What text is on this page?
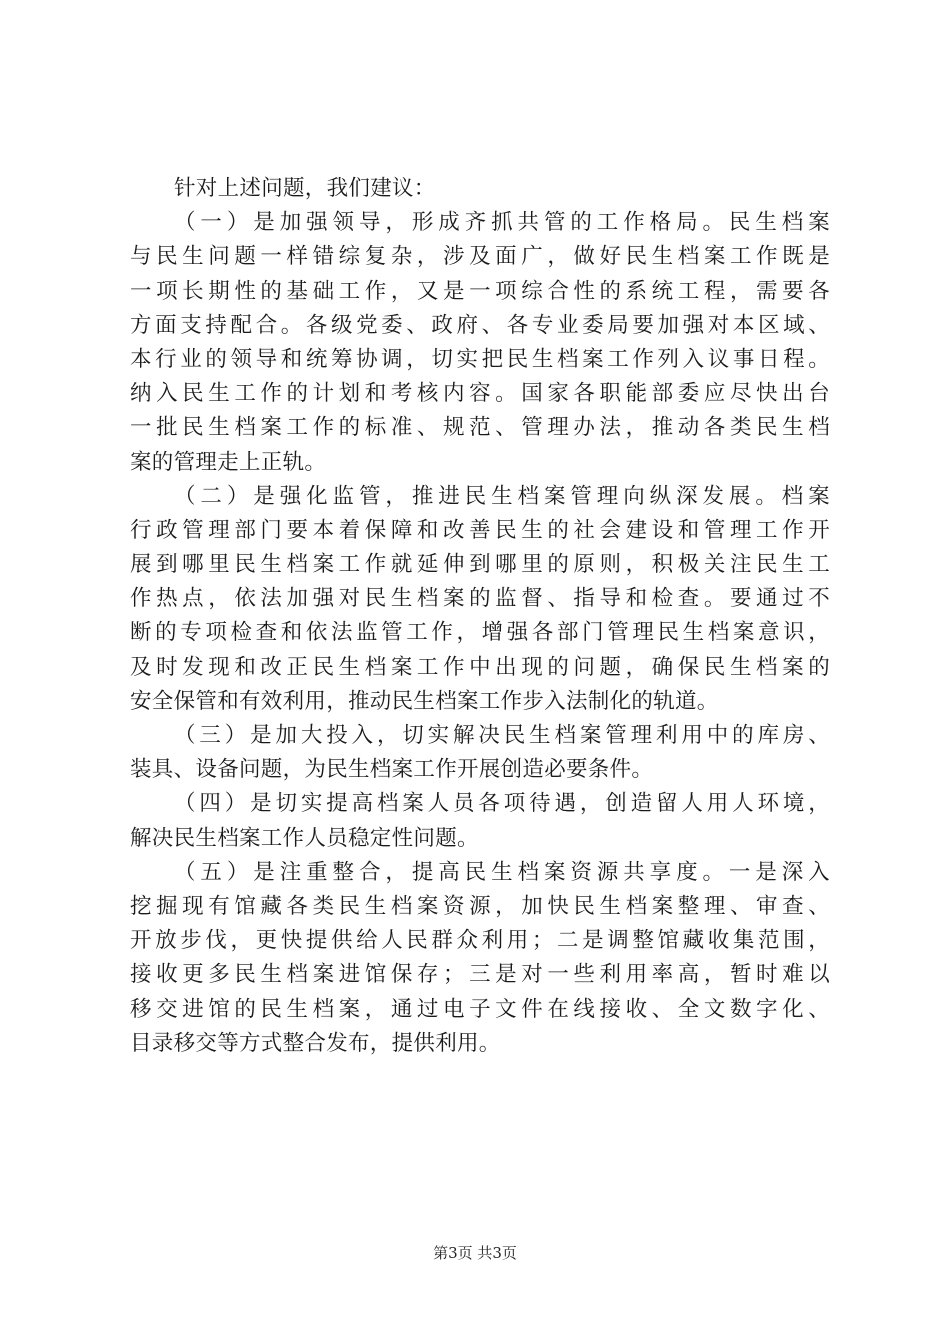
针对上述问题，我们建议：
（一）是加强领导，形成齐抓共管的工作格局。民生档案
与民生问题一样错综复杂，涉及面广，做好民生档案工作既是
一项长期性的基础工作，又是一项综合性的系统工程，需要各
方面支持配合。各级党委、政府、各专业委局要加强对本区域、
本行业的领导和统筹协调，切实把民生档案工作列入议事日程。
纳入民生工作的计划和考核内容。国家各职能部委应尽快出台
一批民生档案工作的标准、规范、管理办法，推动各类民生档
案的管理走上正轨。
（二）是强化监管，推进民生档案管理向纵深发展。档案
行政管理部门要本着保障和改善民生的社会建设和管理工作开
展到哪里民生档案工作就延伸到哪里的原则，积极关注民生工
作热点，依法加强对民生档案的监督、指导和检查。要通过不
断的专项检查和依法监管工作，增强各部门管理民生档案意识，
及时发现和改正民生档案工作中出现的问题，确保民生档案的
安全保管和有效利用，推动民生档案工作步入法制化的轨道。
（三）是加大投入，切实解决民生档案管理利用中的库房、
装具、设备问题，为民生档案工作开展创造必要条件。
（四）是切实提高档案人员各项待遇，创造留人用人环境，
解决民生档案工作人员稳定性问题。
（五）是注重整合，提高民生档案资源共享度。一是深入
挖掘现有馆藏各类民生档案资源，加快民生档案整理、审查、
开放步伐，更快提供给人民群众利用；二是调整馆藏收集范围，
接收更多民生档案进馆保存；三是对一些利用率高，暂时难以
移交进馆的民生档案，通过电子文件在线接收、全文数字化、
目录移交等方式整合发布，提供利用。
第3页 共3页
